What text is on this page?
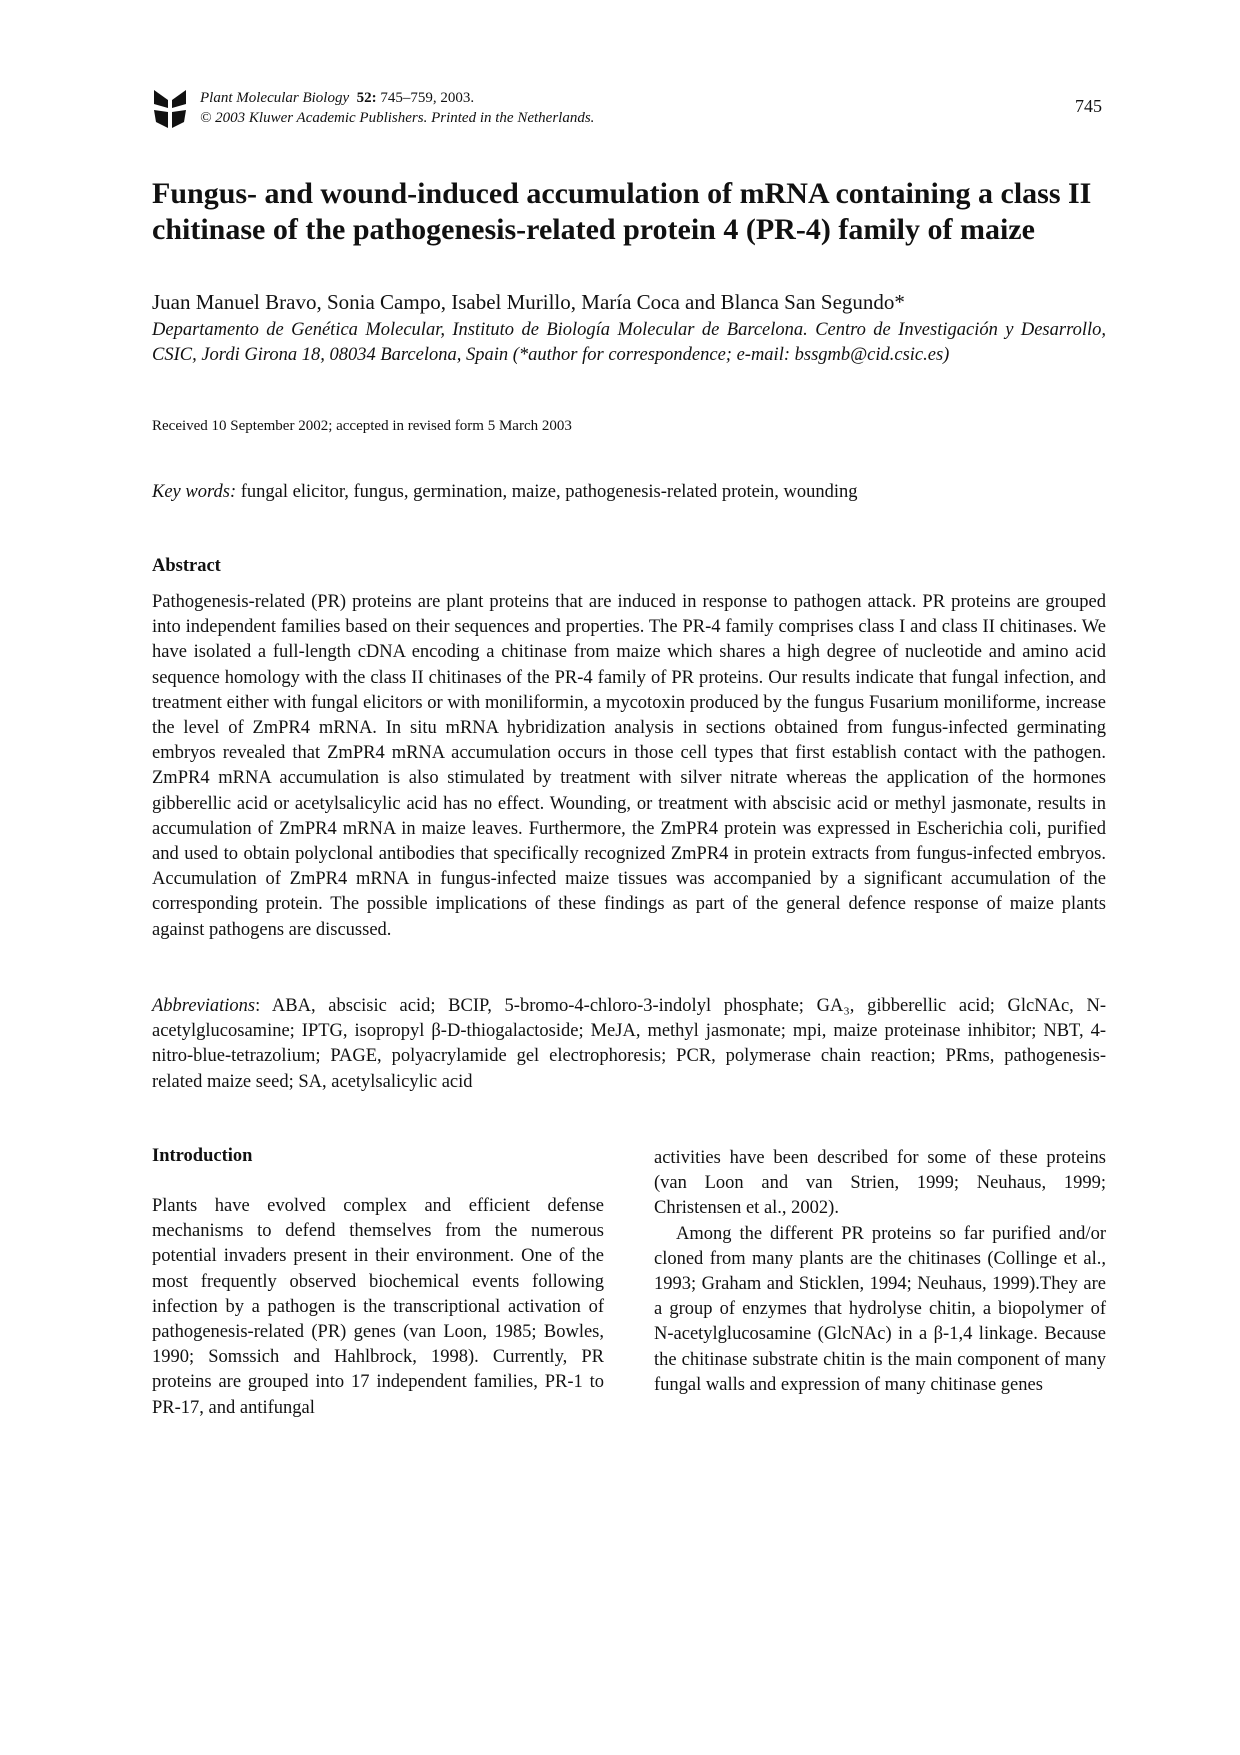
Plant Molecular Biology 52: 745–759, 2003.
© 2003 Kluwer Academic Publishers. Printed in the Netherlands.
745
Fungus- and wound-induced accumulation of mRNA containing a class II chitinase of the pathogenesis-related protein 4 (PR-4) family of maize
Juan Manuel Bravo, Sonia Campo, Isabel Murillo, María Coca and Blanca San Segundo*
Departamento de Genética Molecular, Instituto de Biología Molecular de Barcelona. Centro de Investigación y Desarrollo, CSIC, Jordi Girona 18, 08034 Barcelona, Spain (*author for correspondence; e-mail: bssgmb@cid.csic.es)
Received 10 September 2002; accepted in revised form 5 March 2003
Key words: fungal elicitor, fungus, germination, maize, pathogenesis-related protein, wounding
Abstract
Pathogenesis-related (PR) proteins are plant proteins that are induced in response to pathogen attack. PR proteins are grouped into independent families based on their sequences and properties. The PR-4 family comprises class I and class II chitinases. We have isolated a full-length cDNA encoding a chitinase from maize which shares a high degree of nucleotide and amino acid sequence homology with the class II chitinases of the PR-4 family of PR proteins. Our results indicate that fungal infection, and treatment either with fungal elicitors or with moniliformin, a mycotoxin produced by the fungus Fusarium moniliforme, increase the level of ZmPR4 mRNA. In situ mRNA hybridization analysis in sections obtained from fungus-infected germinating embryos revealed that ZmPR4 mRNA accumulation occurs in those cell types that first establish contact with the pathogen. ZmPR4 mRNA accumulation is also stimulated by treatment with silver nitrate whereas the application of the hormones gibberellic acid or acetylsalicylic acid has no effect. Wounding, or treatment with abscisic acid or methyl jasmonate, results in accumulation of ZmPR4 mRNA in maize leaves. Furthermore, the ZmPR4 protein was expressed in Escherichia coli, purified and used to obtain polyclonal antibodies that specifically recognized ZmPR4 in protein extracts from fungus-infected embryos. Accumulation of ZmPR4 mRNA in fungus-infected maize tissues was accompanied by a significant accumulation of the corresponding protein. The possible implications of these findings as part of the general defence response of maize plants against pathogens are discussed.
Abbreviations: ABA, abscisic acid; BCIP, 5-bromo-4-chloro-3-indolyl phosphate; GA₃, gibberellic acid; GlcNAc, N-acetylglucosamine; IPTG, isopropyl β-D-thiogalactoside; MeJA, methyl jasmonate; mpi, maize proteinase inhibitor; NBT, 4-nitro-blue-tetrazolium; PAGE, polyacrylamide gel electrophoresis; PCR, polymerase chain reaction; PRms, pathogenesis- related maize seed; SA, acetylsalicylic acid
Introduction
Plants have evolved complex and efficient defense mechanisms to defend themselves from the numerous potential invaders present in their environment. One of the most frequently observed biochemical events following infection by a pathogen is the transcriptional activation of pathogenesis-related (PR) genes (van Loon, 1985; Bowles, 1990; Somssich and Hahlbrock, 1998). Currently, PR proteins are grouped into 17 independent families, PR-1 to PR-17, and antifungal

activities have been described for some of these proteins (van Loon and van Strien, 1999; Neuhaus, 1999; Christensen et al., 2002).

Among the different PR proteins so far purified and/or cloned from many plants are the chitinases (Collinge et al., 1993; Graham and Sticklen, 1994; Neuhaus, 1999).They are a group of enzymes that hydrolyse chitin, a biopolymer of N-acetylglucosamine (GlcNAc) in a β-1,4 linkage. Because the chitinase substrate chitin is the main component of many fungal walls and expression of many chitinase genes
